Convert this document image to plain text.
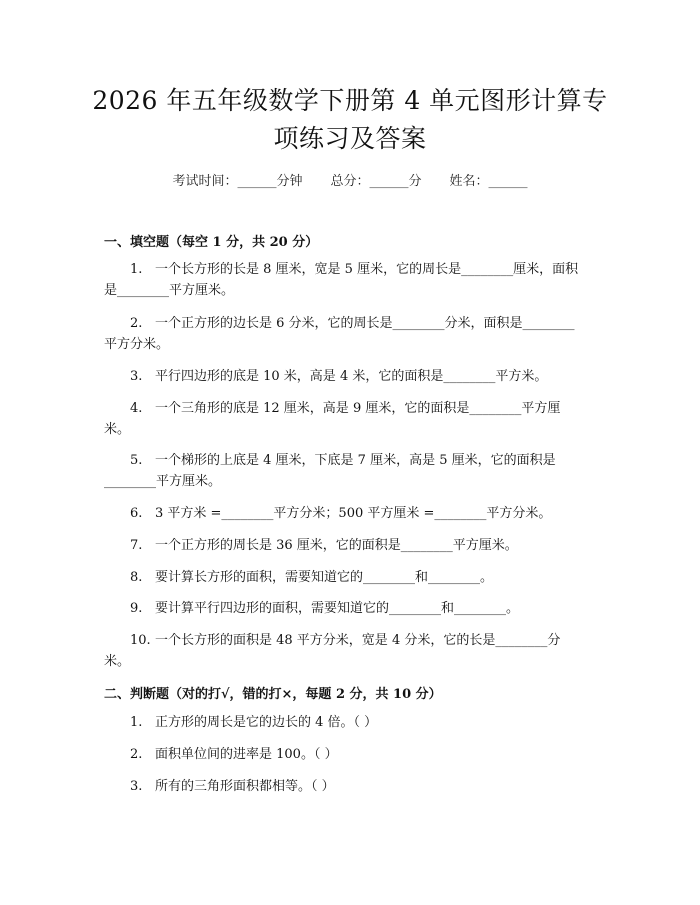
2026 年五年级数学下册第 4 单元图形计算专
项练习及答案
考试时间：______分钟 总分：______分 姓名：______
一、填空题（每空 1 分，共 20 分）
1. 一个长方形的长是 8 厘米，宽是 5 厘米，它的周长是________厘米，面积
是________平方厘米。
2. 一个正方形的边长是 6 分米，它的周长是________分米，面积是________
平方分米。
3. 平行四边形的底是 10 米，高是 4 米，它的面积是________平方米。
4. 一个三角形的底是 12 厘米，高是 9 厘米，它的面积是________平方厘
米。
5. 一个梯形的上底是 4 厘米，下底是 7 厘米，高是 5 厘米，它的面积是
________平方厘米。
6. 3 平方米 =________平方分米；500 平方厘米 =________平方分米。
7. 一个正方形的周长是 36 厘米，它的面积是________平方厘米。
8. 要计算长方形的面积，需要知道它的________和________。
9. 要计算平行四边形的面积，需要知道它的________和________。
10. 一个长方形的面积是 48 平方分米，宽是 4 分米，它的长是________分
米。
二、判断题（对的打√，错的打×，每题 2 分，共 10 分）
1. 正方形的周长是它的边长的 4 倍。（ ）
2. 面积单位间的进率是 100。（ ）
3. 所有的三角形面积都相等。（ ）
